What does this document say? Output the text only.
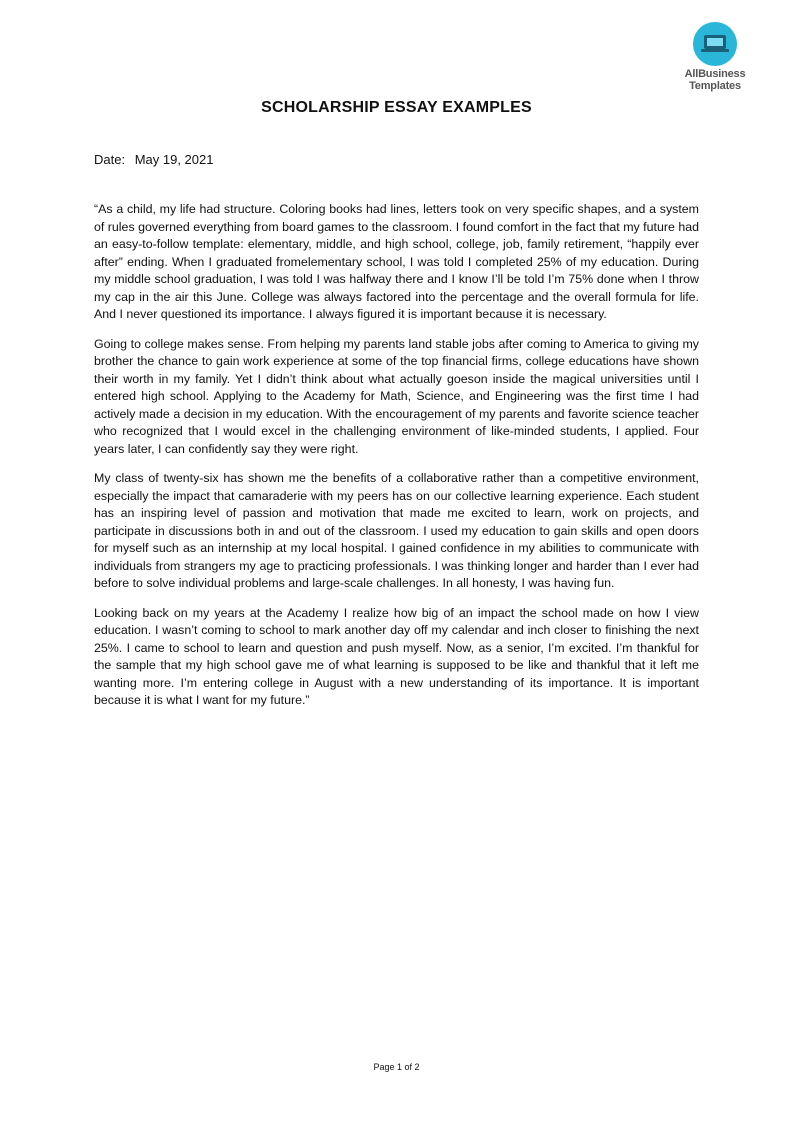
AllBusiness
Templates
SCHOLARSHIP ESSAY EXAMPLES
Date: May 19, 2021

“As a child, my life had structure. Coloring books had lines, letters took on very specific shapes, and a system of rules governed everything from board games to the classroom. I found comfort in the fact that my future had an easy-to-follow template: elementary, middle, and high school, college, job, family retirement, “happily ever after” ending. When I graduated fromelementary school, I was told I completed 25% of my education. During my middle school graduation, I was told I was halfway there and I know I’ll be told I’m 75% done when I throw my cap in the air this June. College was always factored into the percentage and the overall formula for life. And I never questioned its importance. I always figured it is important because it is necessary.

Going to college makes sense. From helping my parents land stable jobs after coming to America to giving my brother the chance to gain work experience at some of the top financial firms, college educations have shown their worth in my family. Yet I didn’t think about what actually goeson inside the magical universities until I entered high school. Applying to the Academy for Math, Science, and Engineering was the first time I had actively made a decision in my education. With the encouragement of my parents and favorite science teacher who recognized that I would excel in the challenging environment of like-minded students, I applied. Four years later, I can confidently say they were right.

My class of twenty-six has shown me the benefits of a collaborative rather than a competitive environment, especially the impact that camaraderie with my peers has on our collective learning experience. Each student has an inspiring level of passion and motivation that made me excited to learn, work on projects, and participate in discussions both in and out of the classroom. I used my education to gain skills and open doors for myself such as an internship at my local hospital. I gained confidence in my abilities to communicate with individuals from strangers my age to practicing professionals. I was thinking longer and harder than I ever had before to solve individual problems and large-scale challenges. In all honesty, I was having fun.

Looking back on my years at the Academy I realize how big of an impact the school made on how I view education. I wasn’t coming to school to mark another day off my calendar and inch closer to finishing the next 25%. I came to school to learn and question and push myself. Now, as a senior, I’m excited. I’m thankful for the sample that my high school gave me of what learning is supposed to be like and thankful that it left me wanting more. I’m entering college in August with a new understanding of its importance. It is important because it is what I want for my future.”

Page 1 of 2
